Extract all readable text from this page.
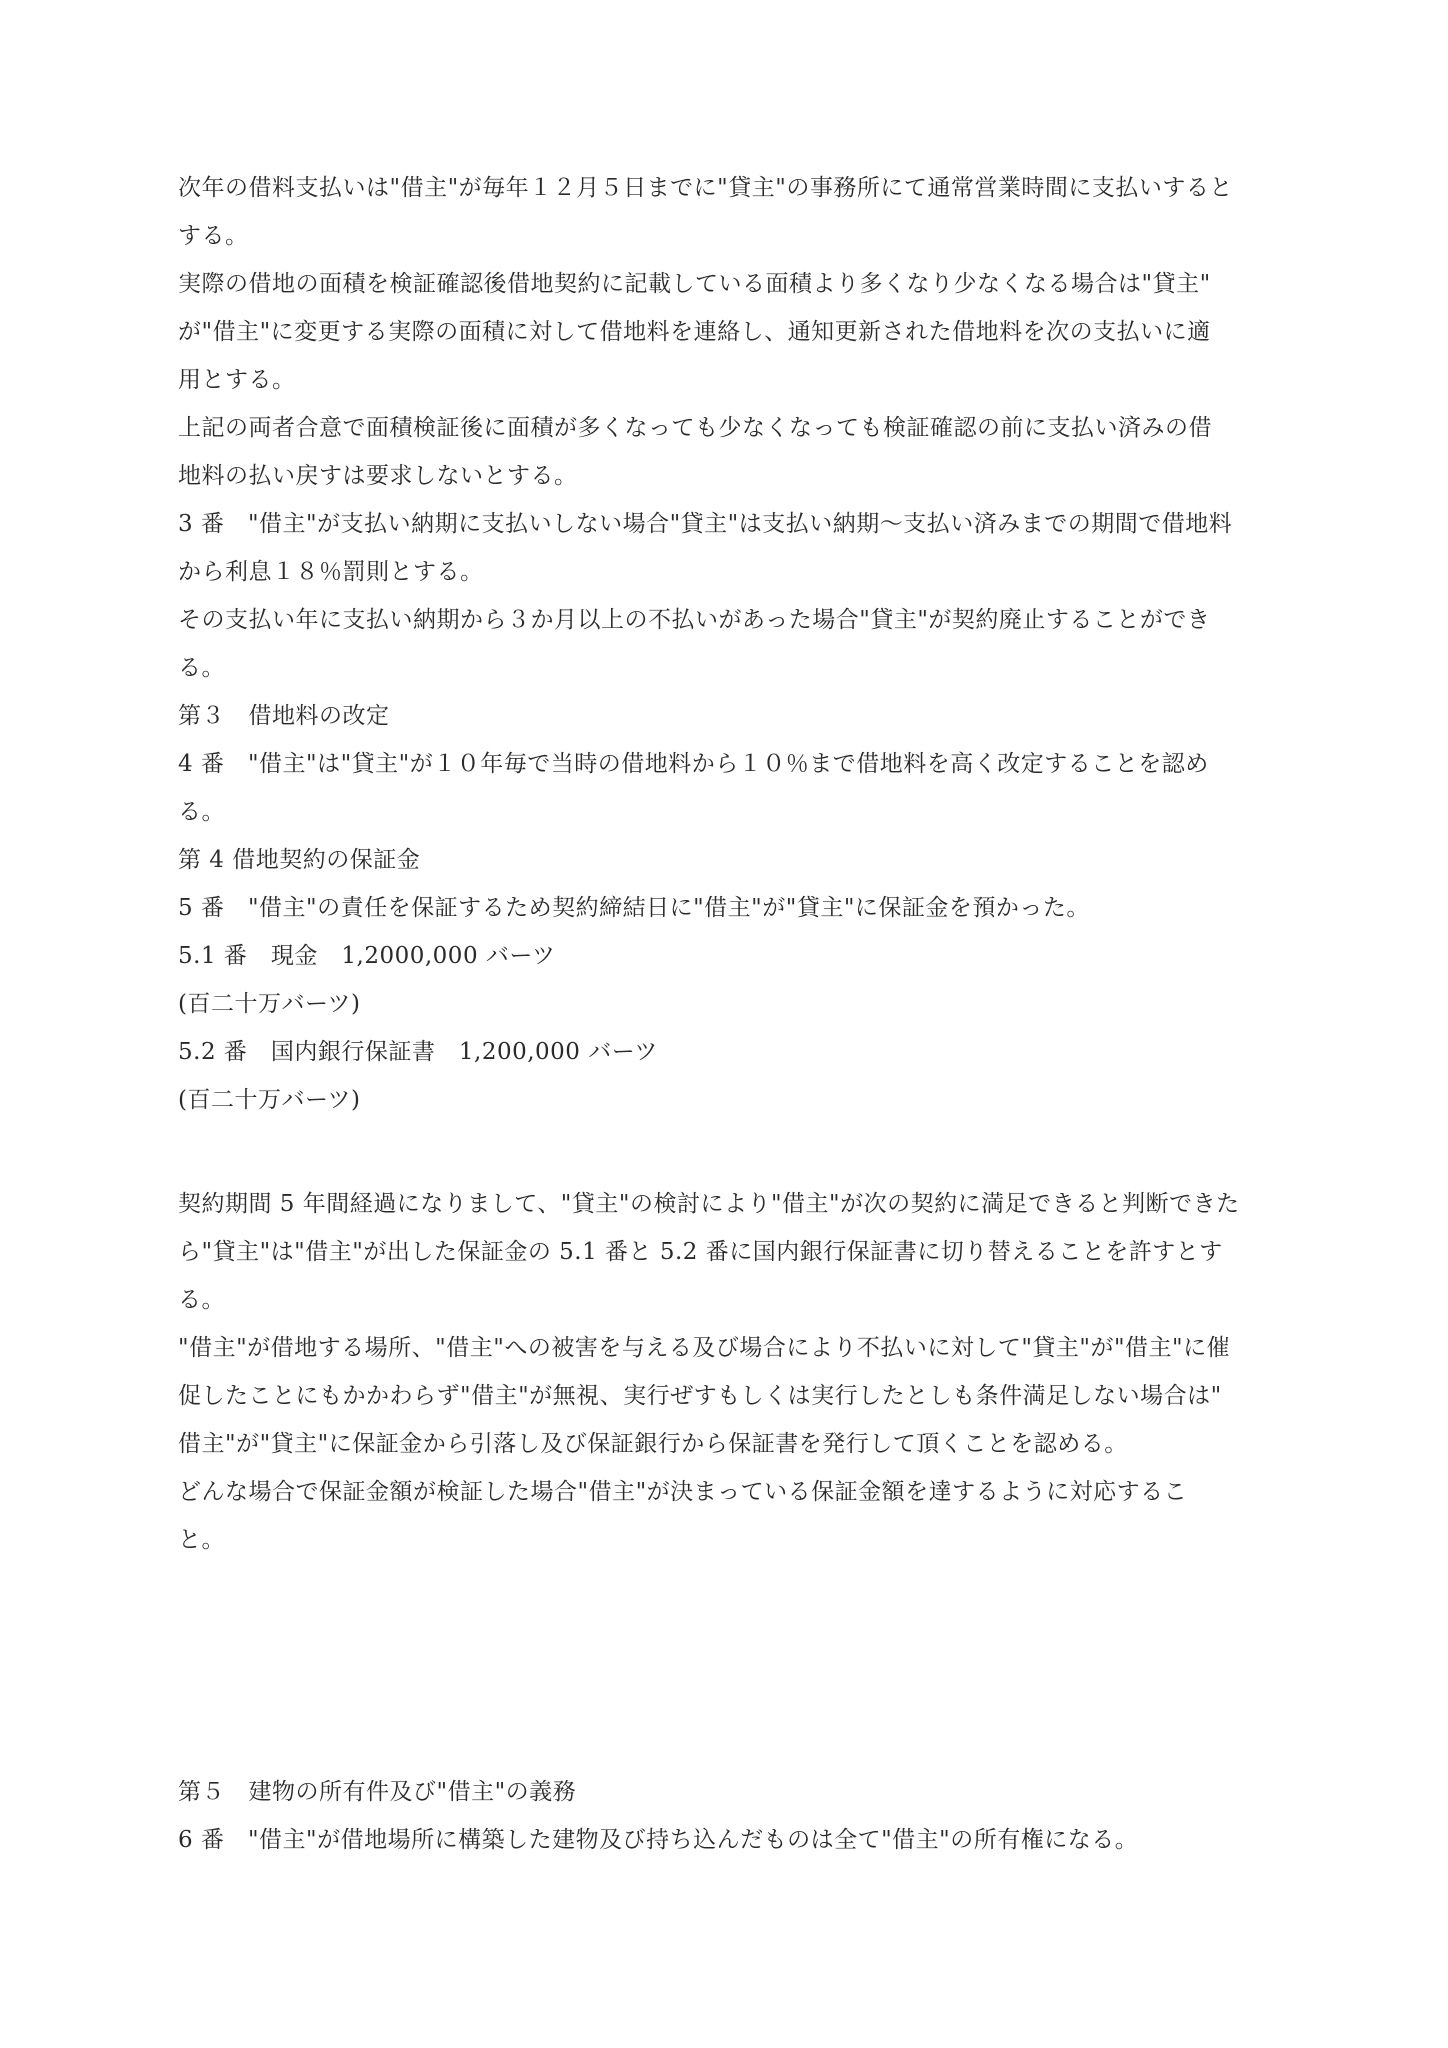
次年の借料支払いは"借主"が毎年１２月５日までに"貸主"の事務所にて通常営業時間に支払いすると
する。
実際の借地の面積を検証確認後借地契約に記載している面積より多くなり少なくなる場合は"貸主"
が"借主"に変更する実際の面積に対して借地料を連絡し、通知更新された借地料を次の支払いに適
用とする。
上記の両者合意で面積検証後に面積が多くなっても少なくなっても検証確認の前に支払い済みの借
地料の払い戻すは要求しないとする。
3 番　"借主"が支払い納期に支払いしない場合"貸主"は支払い納期～支払い済みまでの期間で借地料
から利息１８％罰則とする。
その支払い年に支払い納期から３か月以上の不払いがあった場合"貸主"が契約廃止することができ
る。
第３　借地料の改定
4 番　"借主"は"貸主"が１０年毎で当時の借地料から１０％まで借地料を高く改定することを認め
る。
第 4 借地契約の保証金
5 番　"借主"の責任を保証するため契約締結日に"借主"が"貸主"に保証金を預かった。
5.1 番　現金　1,2000,000 バーツ
(百二十万バーツ)
5.2 番　国内銀行保証書　1,200,000 バーツ
(百二十万バーツ)
契約期間 5 年間経過になりまして、"貸主"の検討により"借主"が次の契約に満足できると判断できた
ら"貸主"は"借主"が出した保証金の 5.1 番と 5.2 番に国内銀行保証書に切り替えることを許すとす
る。
"借主"が借地する場所、"借主"への被害を与える及び場合により不払いに対して"貸主"が"借主"に催
促したことにもかかわらず"借主"が無視、実行ぜすもしくは実行したとしも条件満足しない場合は"
借主"が"貸主"に保証金から引落し及び保証銀行から保証書を発行して頂くことを認める。
どんな場合で保証金額が検証した場合"借主"が決まっている保証金額を達するように対応するこ
と。
第５　建物の所有件及び"借主"の義務
6 番　"借主"が借地場所に構築した建物及び持ち込んだものは全て"借主"の所有権になる。
